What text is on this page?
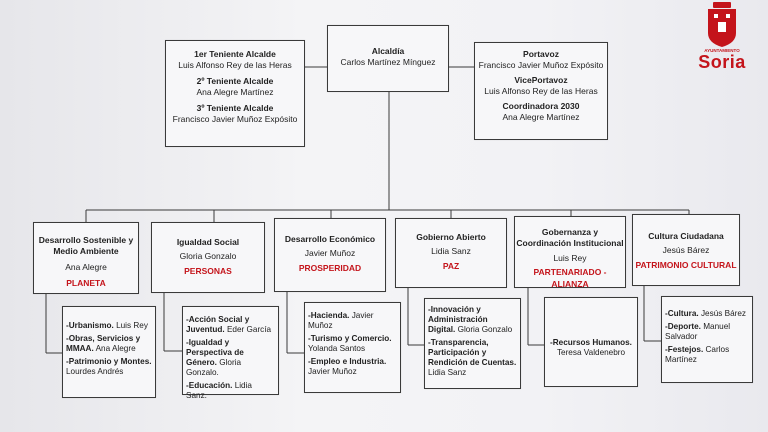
AYUNTAMIENTO
Soria
1er Teniente Alcalde
Luis Alfonso Rey de las Heras
2º Teniente Alcalde
Ana Alegre Martínez
3º Teniente Alcalde
Francisco Javier Muñoz Expósito
Alcaldía
Carlos Martínez Mínguez
Portavoz
Francisco Javier Muñoz Expósito
VicePortavoz
Luis Alfonso Rey de las Heras
Coordinadora 2030
Ana Alegre Martínez
Desarrollo Sostenible y Medio Ambiente
Ana Alegre
PLANETA
Igualdad Social
Gloria Gonzalo
PERSONAS
Desarrollo Económico
Javier Muñoz
PROSPERIDAD
Gobierno Abierto
Lidia Sanz
PAZ
Gobernanza y Coordinación Institucional
Luis Rey
PARTENARIADO - ALIANZA
Cultura Ciudadana
Jesús Bárez
PATRIMONIO CULTURAL
-Urbanismo. Luis Rey
-Obras, Servicios y MMAA. Ana Alegre
-Patrimonio y Montes. Lourdes Andrés
-Acción Social y Juventud. Eder García
-Igualdad y Perspectiva de Género. Gloria Gonzalo.
-Educación. Lidia Sanz.
-Hacienda. Javier Muñoz
-Turismo y Comercio. Yolanda Santos
-Empleo e Industria. Javier Muñoz
-Innovación y Administración Digital. Gloria Gonzalo
-Transparencia, Participación y Rendición de Cuentas. Lidia Sanz
-Recursos Humanos.
Teresa Valdenebro
-Cultura. Jesús Bárez
-Deporte. Manuel Salvador
-Festejos. Carlos Martínez
